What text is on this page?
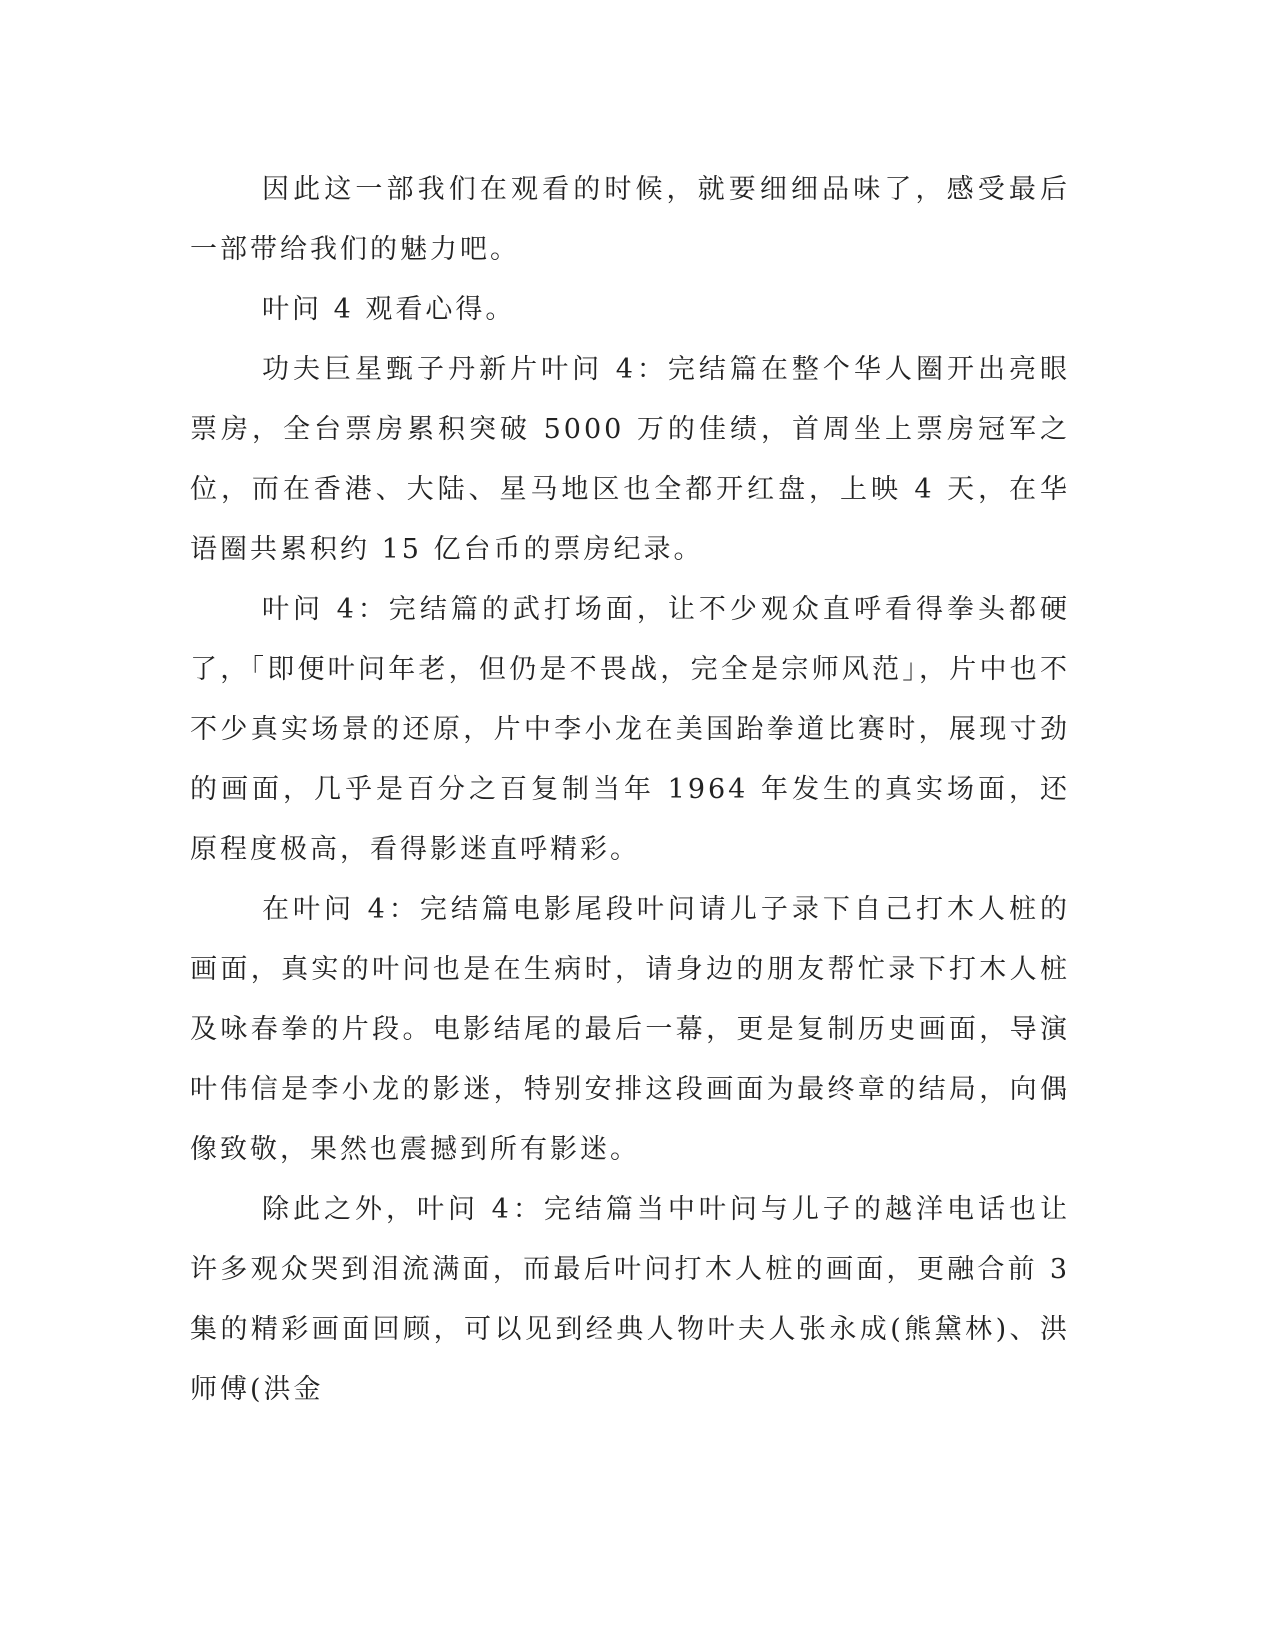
因此这一部我们在观看的时候，就要细细品味了，感受最后一部带给我们的魅力吧。

叶问 4 观看心得。

功夫巨星甄子丹新片叶问 4：完结篇在整个华人圈开出亮眼票房，全台票房累积突破 5000 万的佳绩，首周坐上票房冠军之位，而在香港、大陆、星马地区也全都开红盘，上映 4 天，在华语圈共累积约 15 亿台币的票房纪录。

叶问 4：完结篇的武打场面，让不少观众直呼看得拳头都硬了，「即便叶问年老，但仍是不畏战，完全是宗师风范」，片中也不不少真实场景的还原，片中李小龙在美国跆拳道比赛时，展现寸劲的画面，几乎是百分之百复制当年 1964 年发生的真实场面，还原程度极高，看得影迷直呼精彩。

在叶问 4：完结篇电影尾段叶问请儿子录下自己打木人桩的画面，真实的叶问也是在生病时，请身边的朋友帮忙录下打木人桩及咏春拳的片段。电影结尾的最后一幕，更是复制历史画面，导演叶伟信是李小龙的影迷，特别安排这段画面为最终章的结局，向偶像致敬，果然也震撼到所有影迷。

除此之外，叶问 4：完结篇当中叶问与儿子的越洋电话也让许多观众哭到泪流满面，而最后叶问打木人桩的画面，更融合前 3 集的精彩画面回顾，可以见到经典人物叶夫人张永成(熊黛林)、洪师傅(洪金
